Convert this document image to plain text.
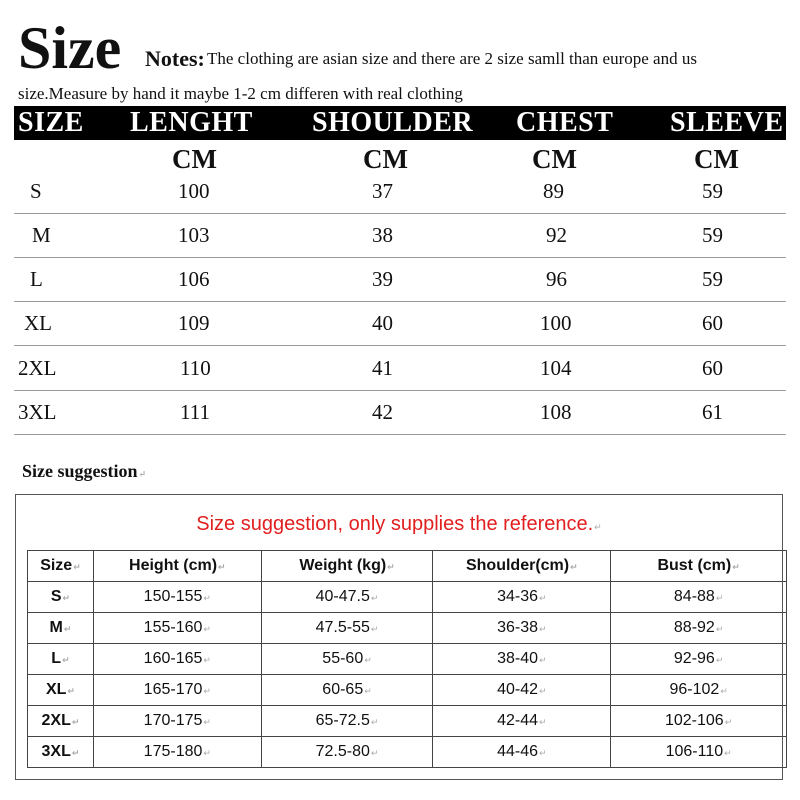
Size Notes: The clothing are asian size and there are 2 size samll than europe and us
size.Measure by hand it maybe 1-2 cm differen with real clothing
SIZE LENGHT SHOULDER CHEST SLEEVE
CM	CM	CM	CM
S	100	37	89	59
M	103	38	92	59
L	106	39	96	59
XL	109	40	100	60
2XL	110	41	104	60
3XL	111	42	108	61
Size suggestion↵
Size suggestion, only supplies the reference.↵
Size↵	Height (cm)↵	Weight (kg)↵	Shoulder(cm)↵	Bust (cm)↵
S↵	150-155↵	40-47.5↵	34-36↵	84-88↵
M↵	155-160↵	47.5-55↵	36-38↵	88-92↵
L↵	160-165↵	55-60↵	38-40↵	92-96↵
XL↵	165-170↵	60-65↵	40-42↵	96-102↵
2XL↵	170-175↵	65-72.5↵	42-44↵	102-106↵
3XL↵	175-180↵	72.5-80↵	44-46↵	106-110↵
